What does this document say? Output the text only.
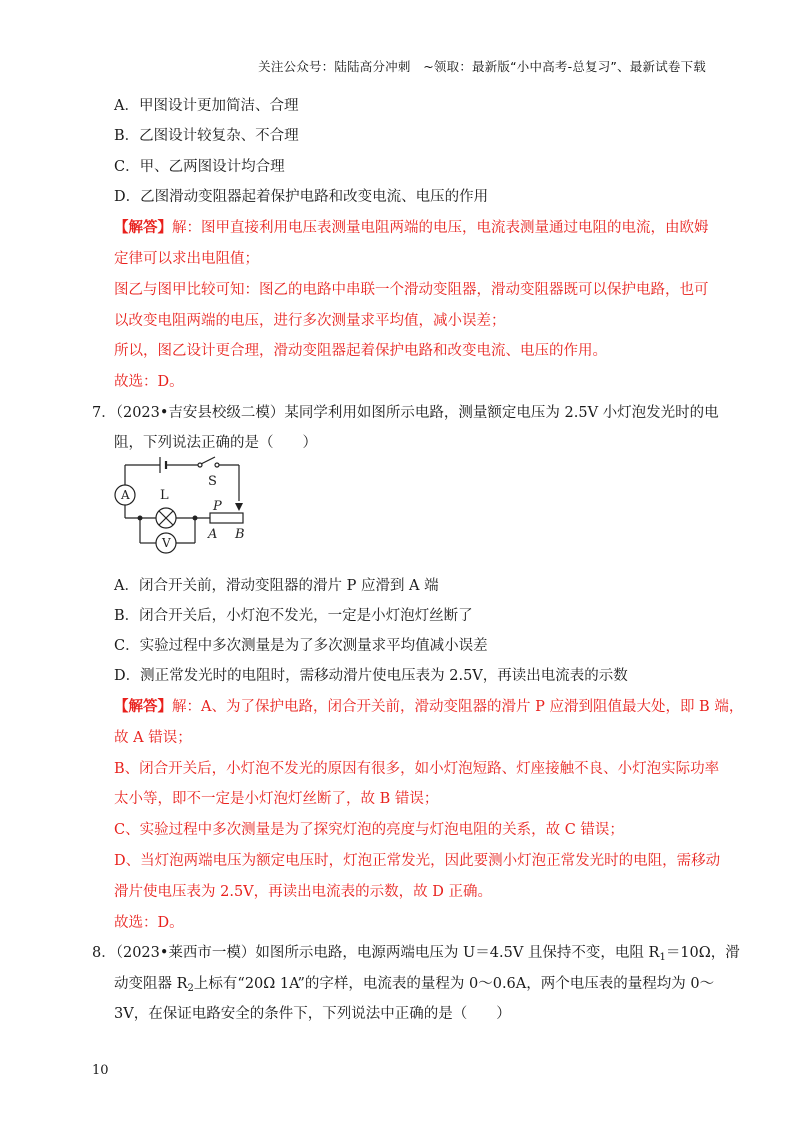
关注公众号：陆陆高分冲刺　~领取：最新版“小中高考-总复习”、最新试卷下载
A．甲图设计更加简洁、合理
B．乙图设计较复杂、不合理
C．甲、乙两图设计均合理
D．乙图滑动变阻器起着保护电路和改变电流、电压的作用
【解答】解：图甲直接利用电压表测量电阻两端的电压，电流表测量通过电阻的电流，由欧姆
定律可以求出电阻值；
图乙与图甲比较可知：图乙的电路中串联一个滑动变阻器，滑动变阻器既可以保护电路，也可
以改变电阻两端的电压，进行多次测量求平均值，减小误差；
所以，图乙设计更合理，滑动变阻器起着保护电路和改变电流、电压的作用。
故选：D。
7．（2023•吉安县校级二模）某同学利用如图所示电路，测量额定电压为 2.5V 小灯泡发光时的电
阻，下列说法正确的是（　　）
A
V
S
L
P
A B
A．闭合开关前，滑动变阻器的滑片 P 应滑到 A 端
B．闭合开关后，小灯泡不发光，一定是小灯泡灯丝断了
C．实验过程中多次测量是为了多次测量求平均值减小误差
D．测正常发光时的电阻时，需移动滑片使电压表为 2.5V，再读出电流表的示数
【解答】解：A、为了保护电路，闭合开关前，滑动变阻器的滑片 P 应滑到阻值最大处，即 B 端，
故 A 错误；
B、闭合开关后，小灯泡不发光的原因有很多，如小灯泡短路、灯座接触不良、小灯泡实际功率
太小等，即不一定是小灯泡灯丝断了，故 B 错误；
C、实验过程中多次测量是为了探究灯泡的亮度与灯泡电阻的关系，故 C 错误；
D、当灯泡两端电压为额定电压时，灯泡正常发光，因此要测小灯泡正常发光时的电阻，需移动
滑片使电压表为 2.5V，再读出电流表的示数，故 D 正确。
故选：D。
8．（2023•莱西市一模）如图所示电路，电源两端电压为 U＝4.5V 且保持不变，电阻 $R_1=10\Omega$，滑
动变阻器 $R_2$上标有“20Ω 1A”的字样，电流表的量程为 0～0.6A，两个电压表的量程均为 0～
3V，在保证电路安全的条件下，下列说法中正确的是（　　）
10
